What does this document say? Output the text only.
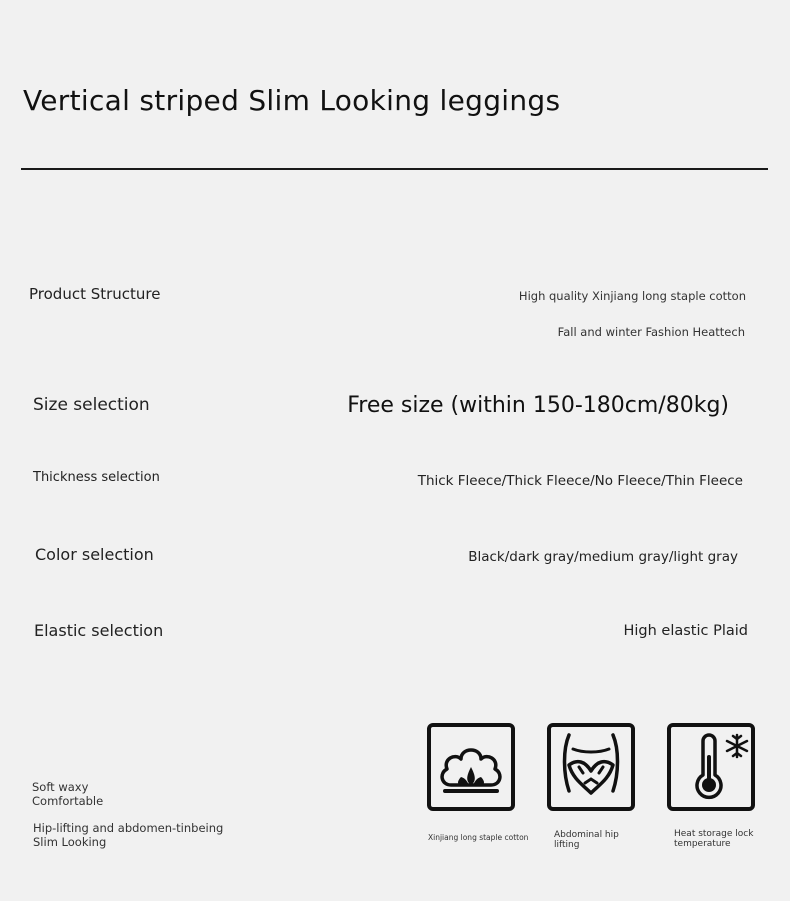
Vertical striped Slim Looking leggings
Product Structure	High quality Xinjiang long staple cotton
Fall and winter Fashion Heattech
Size selection	Free size (within 150-180cm/80kg)
Thickness selection	Thick Fleece/Thick Fleece/No Fleece/Thin Fleece
Color selection	Black/dark gray/medium gray/light gray
Elastic selection	High elastic Plaid
Soft waxy
Comfortable
Hip-lifting and abdomen-tinbeing
Slim Looking	Xinjiang long staple cotton	Abdominal hip lifting
Heat storage lock temperature
